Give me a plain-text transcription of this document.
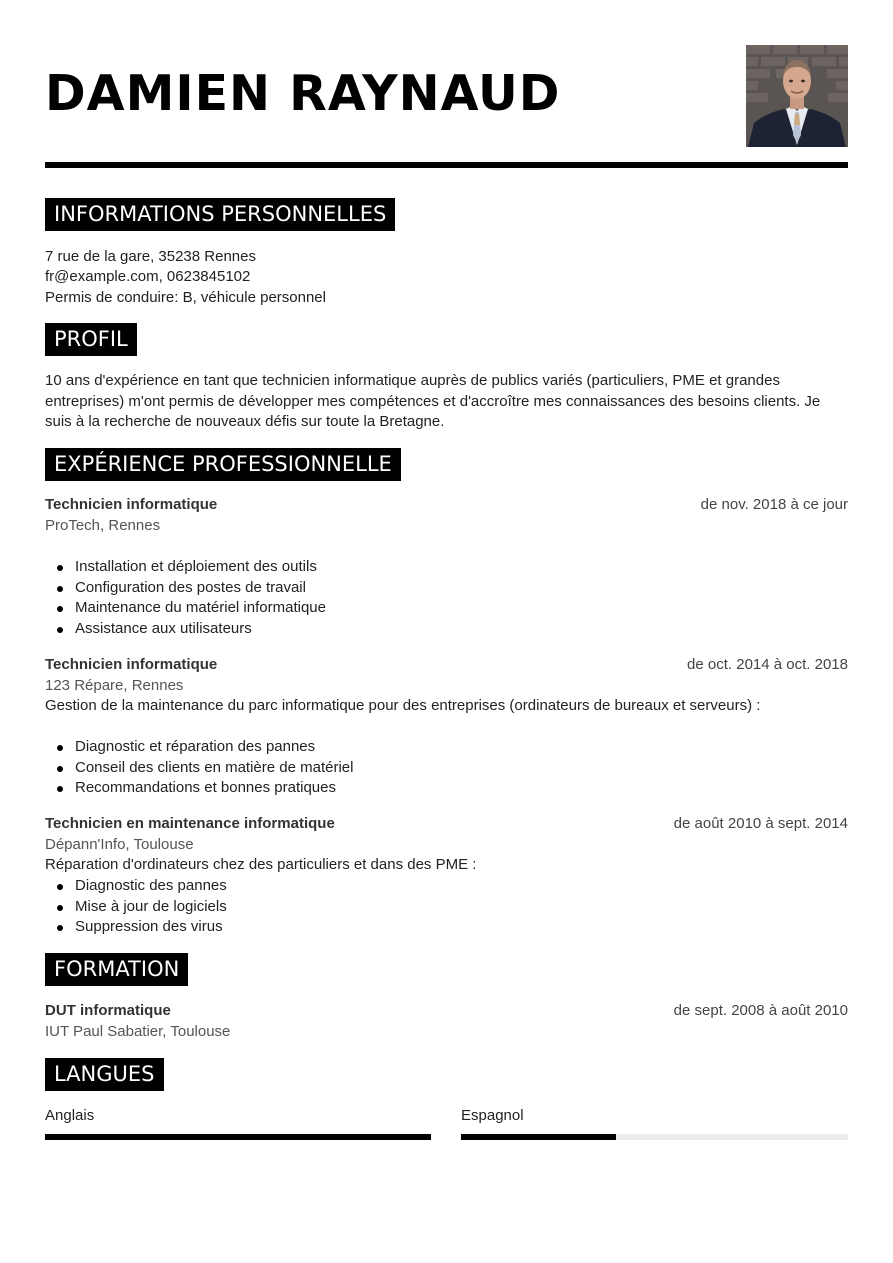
DAMIEN RAYNAUD
INFORMATIONS PERSONNELLES

7 rue de la gare, 35238 Rennes

fr@example.com, 0623845102

Permis de conduire: B, véhicule personnel

PROFIL

10 ans d'expérience en tant que technicien informatique auprès de publics variés (particuliers, PME et grandes entreprises) m'ont permis de développer mes compétences et d'accroître mes connaissances des besoins clients. Je suis à la recherche de nouveaux défis sur toute la Bretagne.

EXPÉRIENCE PROFESSIONNELLE

Technicien informatique	de nov. 2018 à ce jour

ProTech, Rennes

Installation et déploiement des outils
Configuration des postes de travail
Maintenance du matériel informatique
Assistance aux utilisateurs

Technicien informatique	de oct. 2014 à oct. 2018

123 Répare, Rennes

Gestion de la maintenance du parc informatique pour des entreprises (ordinateurs de bureaux et serveurs) :

Diagnostic et réparation des pannes
Conseil des clients en matière de matériel
Recommandations et bonnes pratiques

Technicien en maintenance informatique	de août 2010 à sept. 2014

Dépann'Info, Toulouse

Réparation d'ordinateurs chez des particuliers et dans des PME :

Diagnostic des pannes
Mise à jour de logiciels
Suppression des virus
FORMATION

DUT informatique	de sept. 2008 à août 2010

IUT Paul Sabatier, Toulouse

LANGUES

Anglais	Espagnol
